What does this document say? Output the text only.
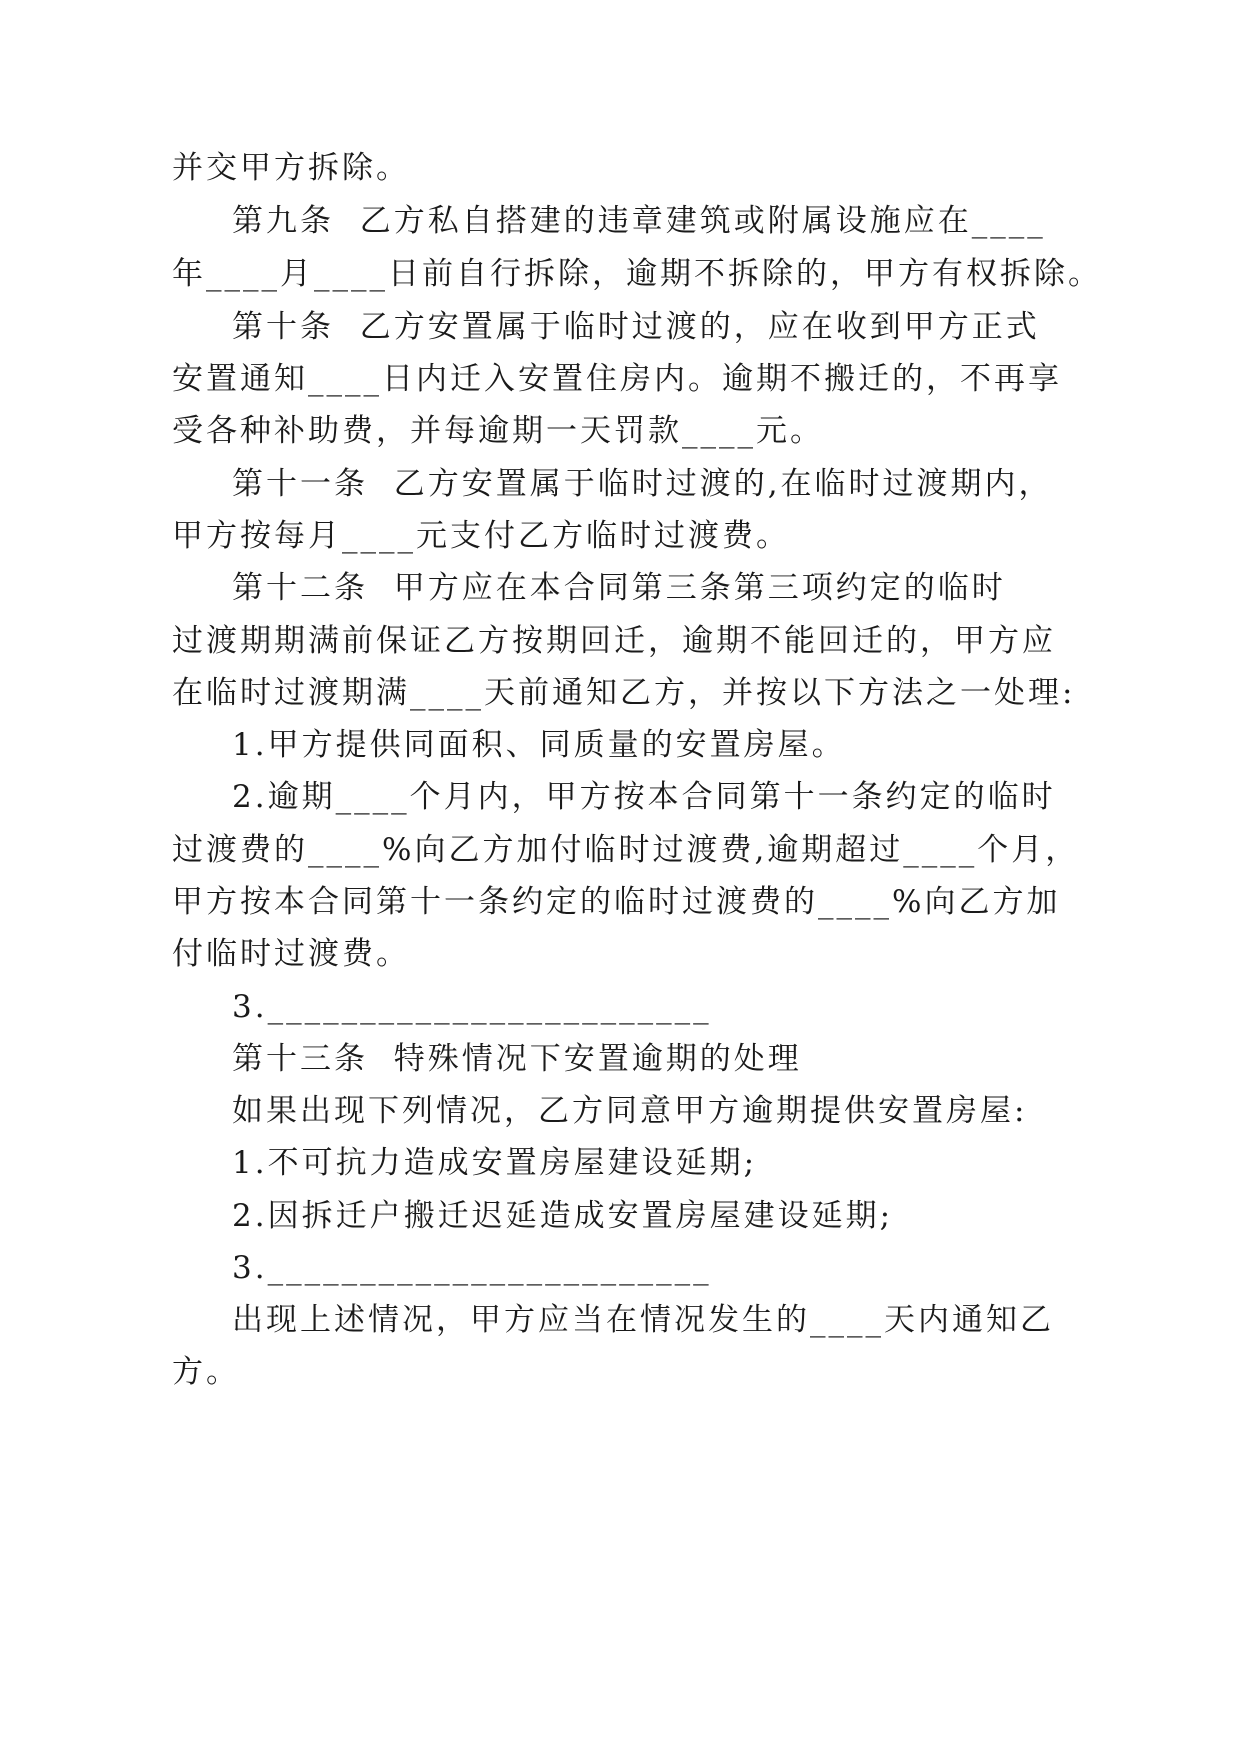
并交甲方拆除。
第九条  乙方私自搭建的违章建筑或附属设施应在____
年____月____日前自行拆除，逾期不拆除的，甲方有权拆除。
第十条  乙方安置属于临时过渡的，应在收到甲方正式
安置通知____日内迁入安置住房内。逾期不搬迁的，不再享
受各种补助费，并每逾期一天罚款____元。
第十一条  乙方安置属于临时过渡的,在临时过渡期内，
甲方按每月____元支付乙方临时过渡费。
第十二条  甲方应在本合同第三条第三项约定的临时
过渡期期满前保证乙方按期回迁，逾期不能回迁的，甲方应
在临时过渡期满____天前通知乙方，并按以下方法之一处理:
1.甲方提供同面积、同质量的安置房屋。
2.逾期____个月内，甲方按本合同第十一条约定的临时
过渡费的____%向乙方加付临时过渡费,逾期超过____个月，
甲方按本合同第十一条约定的临时过渡费的____%向乙方加
付临时过渡费。
3.________________________
第十三条  特殊情况下安置逾期的处理
如果出现下列情况，乙方同意甲方逾期提供安置房屋:
1.不可抗力造成安置房屋建设延期;
2.因拆迁户搬迁迟延造成安置房屋建设延期;
3.________________________
出现上述情况，甲方应当在情况发生的____天内通知乙
方。
